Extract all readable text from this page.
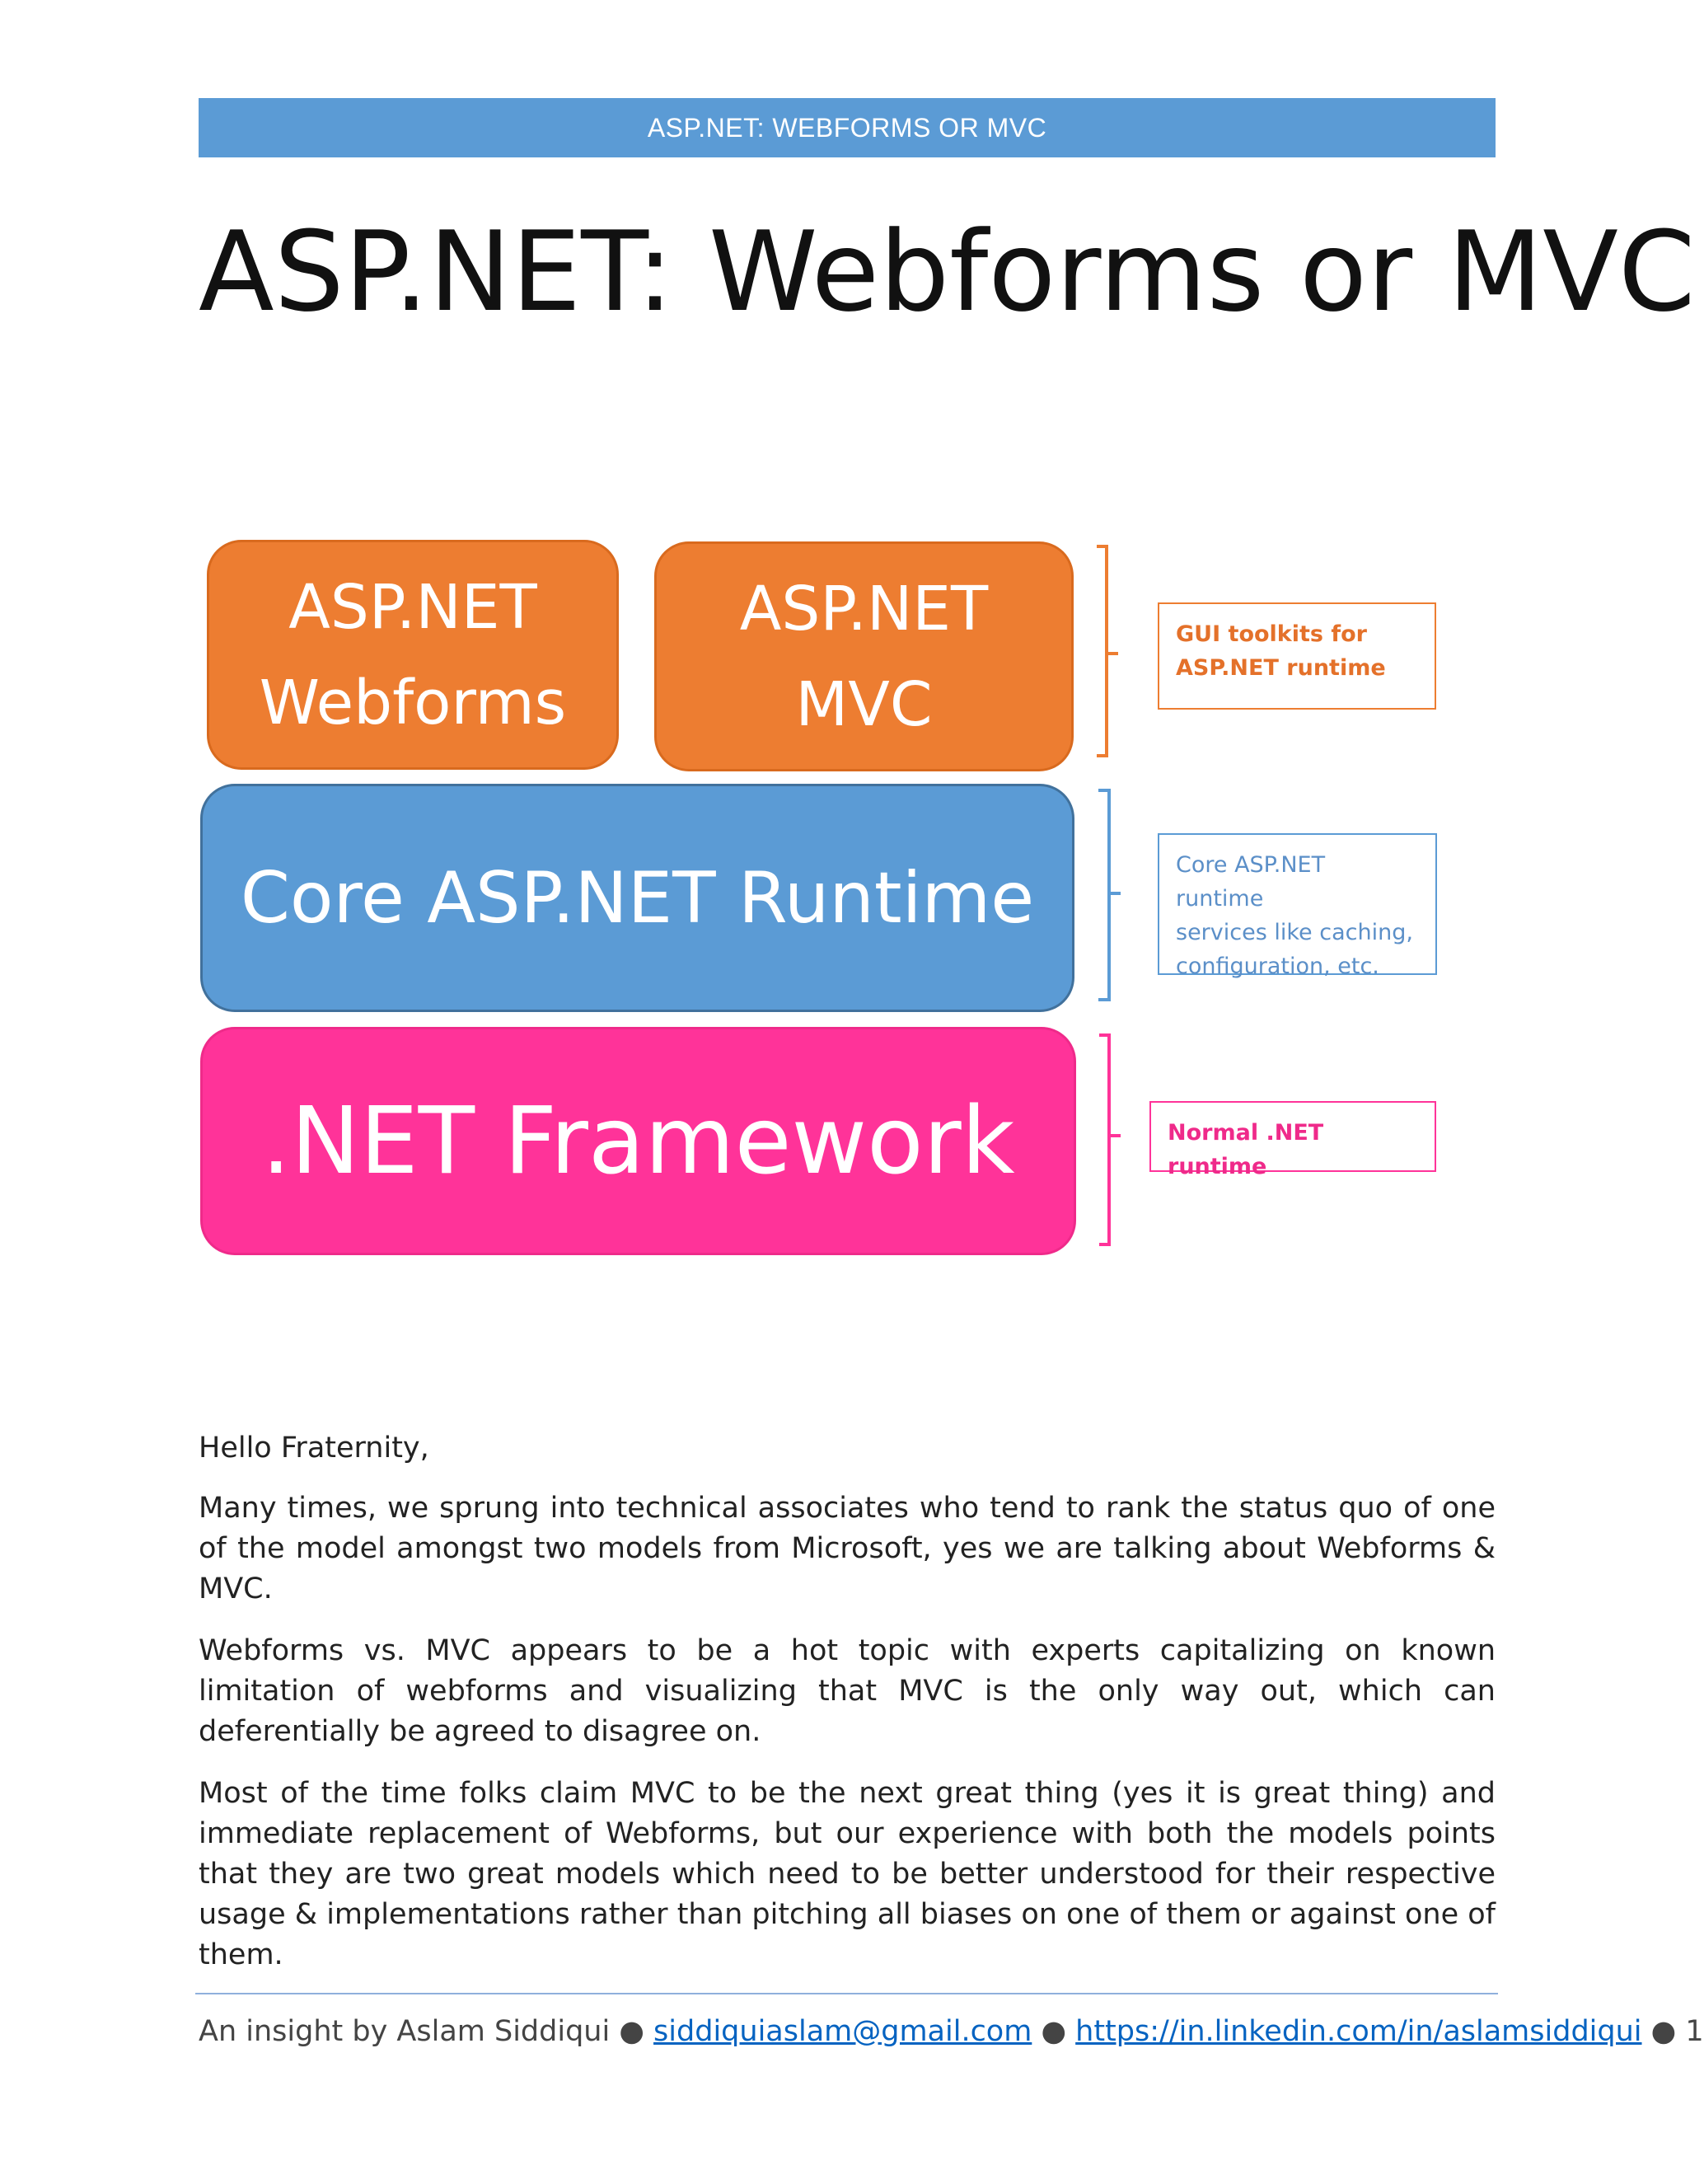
ASP.NET: WEBFORMS OR MVC
ASP.NET: Webforms or MVC
ASP.NET
Webforms
ASP.NET
MVC
Core ASP.NET Runtime
.NET Framework
GUI toolkits for
ASP.NET runtime
Core ASP.NET runtime
services like caching,
configuration, etc.
Normal .NET runtime

Hello Fraternity,

Many times, we sprung into technical associates who tend to rank the status quo of one of the model amongst two models from Microsoft, yes we are talking about Webforms & MVC.

Webforms vs. MVC appears to be a hot topic with experts capitalizing on known limitation of webforms and visualizing that MVC is the only way out, which can deferentially be agreed to disagree on.

Most of the time folks claim MVC to be the next great thing (yes it is great thing) and immediate replacement of Webforms, but our experience with both the models points that they are two great models which need to be better understood for their respective usage & implementations rather than pitching all biases on one of them or against one of them.

An insight by Aslam Siddiqui ● siddiquiaslam@gmail.com ● https://in.linkedin.com/in/aslamsiddiqui ● 1
